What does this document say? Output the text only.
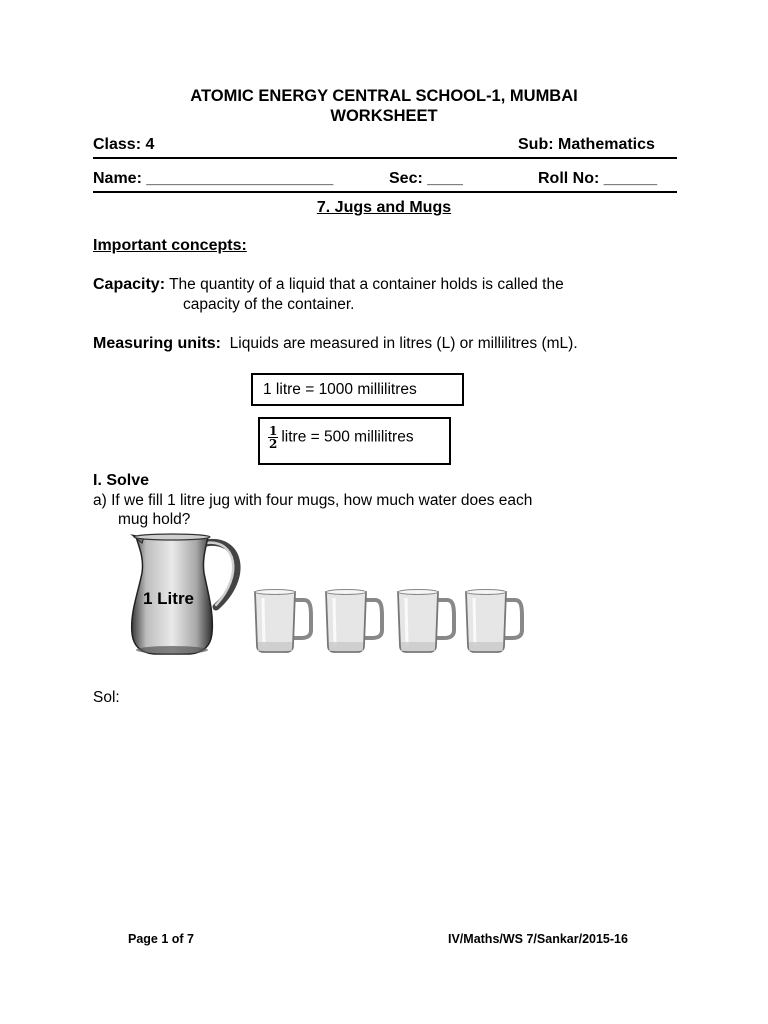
ATOMIC ENERGY CENTRAL SCHOOL-1, MUMBAI
WORKSHEET
Class: 4	Sub: Mathematics
Name: _____________________	Sec: ____	Roll No: ______
7. Jugs and Mugs
Important concepts:
Capacity: The quantity of a liquid that a container holds is called the
capacity of the container.
Measuring units: Liquids are measured in litres (L) or millilitres (mL).
1 litre = 1000 millilitres
$\frac{1}{2}$ litre = 500 millilitres
I. Solve
a) If we fill 1 litre jug with four mugs, how much water does each
mug hold?
1 Litre
Sol:
Page 1 of 7	IV/Maths/WS 7/Sankar/2015-16
